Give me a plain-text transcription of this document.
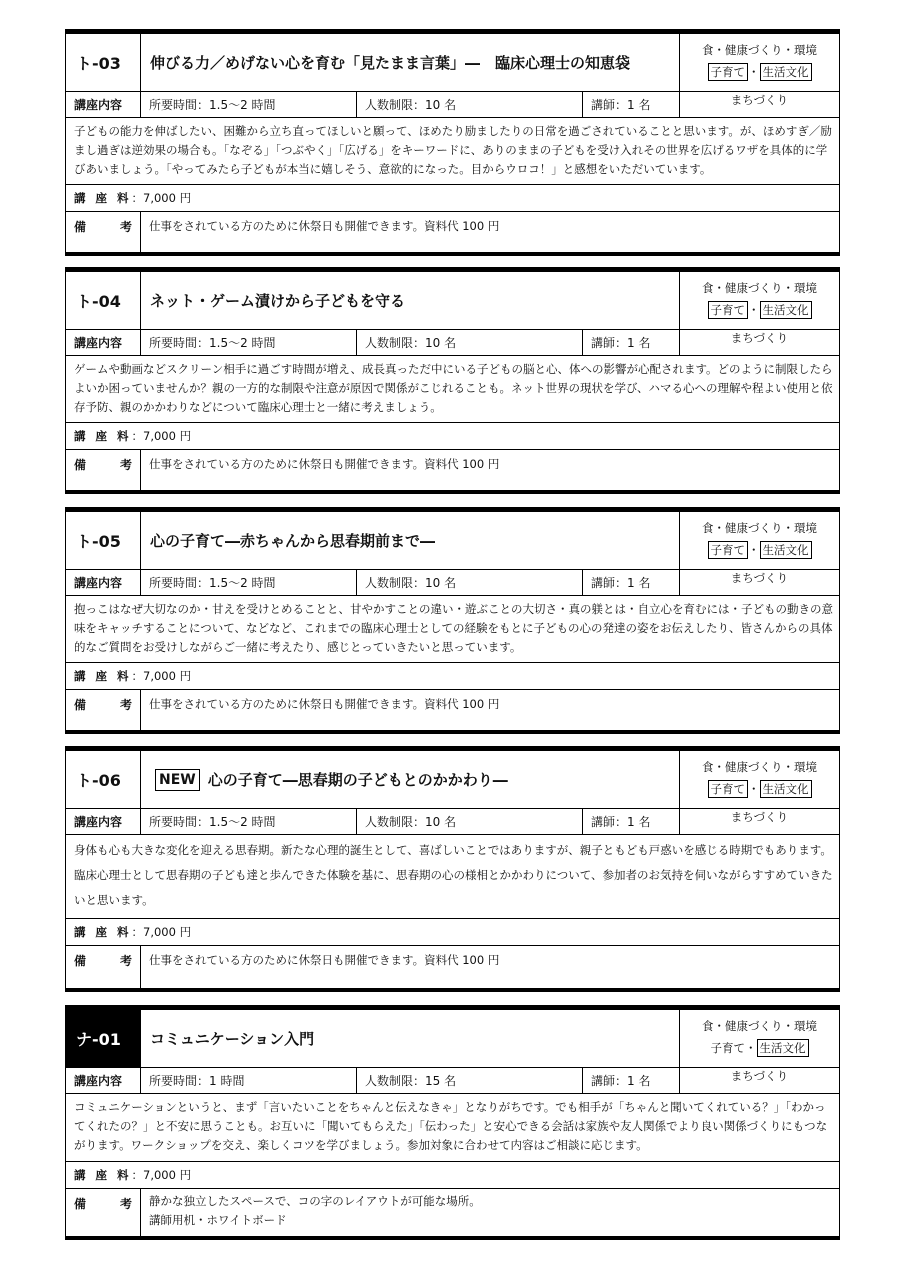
ト-03	伸びる力／めげない心を育む「見たまま言葉」―　臨床心理士の知恵袋
食・健康づくり・環境
子育て ・ 生活文化
まちづくり
講座内容	所要時間：1.5～2 時間	人数制限：10 名	講師：1 名
子どもの能力を伸ばしたい、困難から立ち直ってほしいと願って、ほめたり励ましたりの日常を過ごされていることと思います。が、ほめすぎ／励まし過ぎは逆効果の場合も。「なぞる」「つぶやく」「広げる」をキーワードに、ありのままの子どもを受け入れその世界を広げるワザを具体的に学びあいましょう。「やってみたら子どもが本当に嬉しそう、意欲的になった。目からウロコ！」と感想をいただいています。
講 座 料 ：7,000 円
備	考	仕事をされている方のために休祭日も開催できます。資料代 100 円
ト-04	ネット・ゲーム漬けから子どもを守る
食・健康づくり・環境
子育て ・ 生活文化
まちづくり
講座内容	所要時間：1.5～2 時間	人数制限：10 名	講師：1 名
ゲームや動画などスクリーン相手に過ごす時間が増え、成長真っただ中にいる子どもの脳と心、体への影響が心配されます。どのように制限したらよいか困っていませんか？親の一方的な制限や注意が原因で関係がこじれることも。ネット世界の現状を学び、ハマる心への理解や程よい使用と依存予防、親のかかわりなどについて臨床心理士と一緒に考えましょう。
講 座 料 ：7,000 円
備	考	仕事をされている方のために休祭日も開催できます。資料代 100 円
ト-05	心の子育て―赤ちゃんから思春期前まで―
食・健康づくり・環境
子育て ・ 生活文化
まちづくり
講座内容	所要時間：1.5～2 時間	人数制限：10 名	講師：1 名
抱っこはなぜ大切なのか・甘えを受けとめることと、甘やかすことの違い・遊ぶことの大切さ・真の躾とは・自立心を育むには・子どもの動きの意味をキャッチすることについて、などなど、これまでの臨床心理士としての経験をもとに子どもの心の発達の姿をお伝えしたり、皆さんからの具体的なご質問をお受けしながらご一緒に考えたり、感じとっていきたいと思っています。
講 座 料 ：7,000 円
備	考	仕事をされている方のために休祭日も開催できます。資料代 100 円
ト-06	NEW 心の子育て―思春期の子どもとのかかわり―
食・健康づくり・環境
子育て ・ 生活文化
まちづくり
講座内容	所要時間：1.5～2 時間	人数制限：10 名	講師：1 名
身体も心も大きな変化を迎える思春期。新たな心理的誕生として、喜ばしいことではありますが、親子ともども戸惑いを感じる時期でもあります。臨床心理士として思春期の子ども達と歩んできた体験を基に、思春期の心の様相とかかわりについて、参加者のお気持を伺いながらすすめていきたいと思います。
講 座 料 ：7,000 円
備	考	仕事をされている方のために休祭日も開催できます。資料代 100 円
ナ-01	コミュニケーション入門
食・健康づくり・環境
子育て・ 生活文化
まちづくり
講座内容	所要時間：1 時間	人数制限：15 名	講師：1 名
コミュニケーションというと、まず「言いたいことをちゃんと伝えなきゃ」となりがちです。でも相手が「ちゃんと聞いてくれている？」「わかってくれたの？」と不安に思うことも。お互いに「聞いてもらえた」「伝わった」と安心できる会話は家族や友人関係でより良い関係づくりにもつながります。ワークショップを交え、楽しくコツを学びましょう。参加対象に合わせて内容はご相談に応じます。
講 座 料 ：7,000 円
備	考 静かな独立したスペースで、コの字のレイアウトが可能な場所。
講師用机・ホワイトボード
